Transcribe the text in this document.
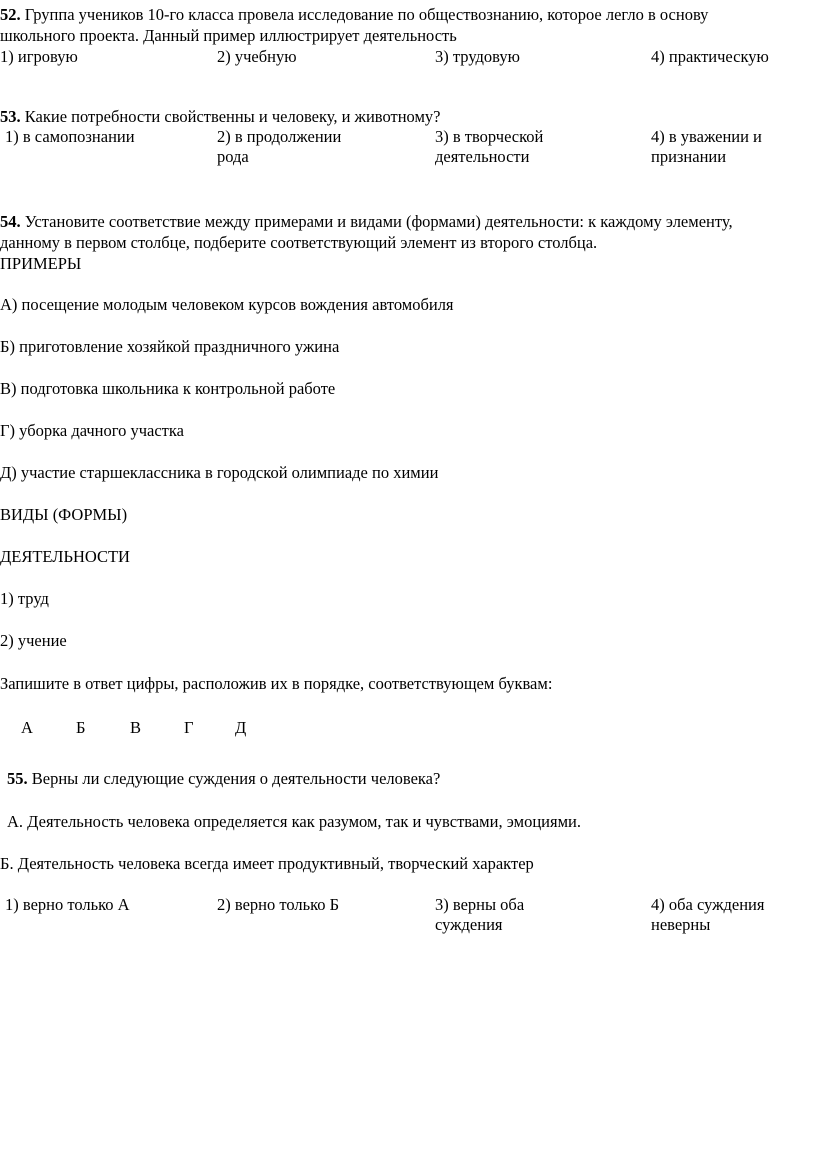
52. Группа учеников 10-го класса провела исследование по обществознанию, которое легло в основу
школьного проекта. Данный пример иллюстрирует деятельность
1) игровую	2) учебную	3) трудовую	4) практическую
53. Какие потребности свойственны и человеку, и животному?
1) в самопознании	2) в продолжении
рода
3) в творческой
деятельности
4) в уважении и
признании
54. Установите соответствие между примерами и видами (формами) деятельности: к каждому элементу,
данному в первом столбце, подберите соответствующий элемент из второго столбца.
ПРИМЕРЫ
А) посещение молодым человеком курсов вождения автомобиля
Б) приготовление хозяйкой праздничного ужина
В) подготовка школьника к контрольной работе
Г) уборка дачного участка
Д) участие старшеклассника в городской олимпиаде по химии
ВИДЫ (ФОРМЫ)
ДЕЯТЕЛЬНОСТИ
1) труд
2) учение
Запишите в ответ цифры, расположив их в порядке, соответствующем буквам:
А	Б	В	Г	Д
55. Верны ли следующие суждения о деятельности человека?
А. Деятельность человека определяется как разумом, так и чувствами, эмоциями.
Б. Деятельность человека всегда имеет продуктивный, творческий характер
1) верно только А	2) верно только Б	3) верны оба
суждения
4) оба суждения
неверны
